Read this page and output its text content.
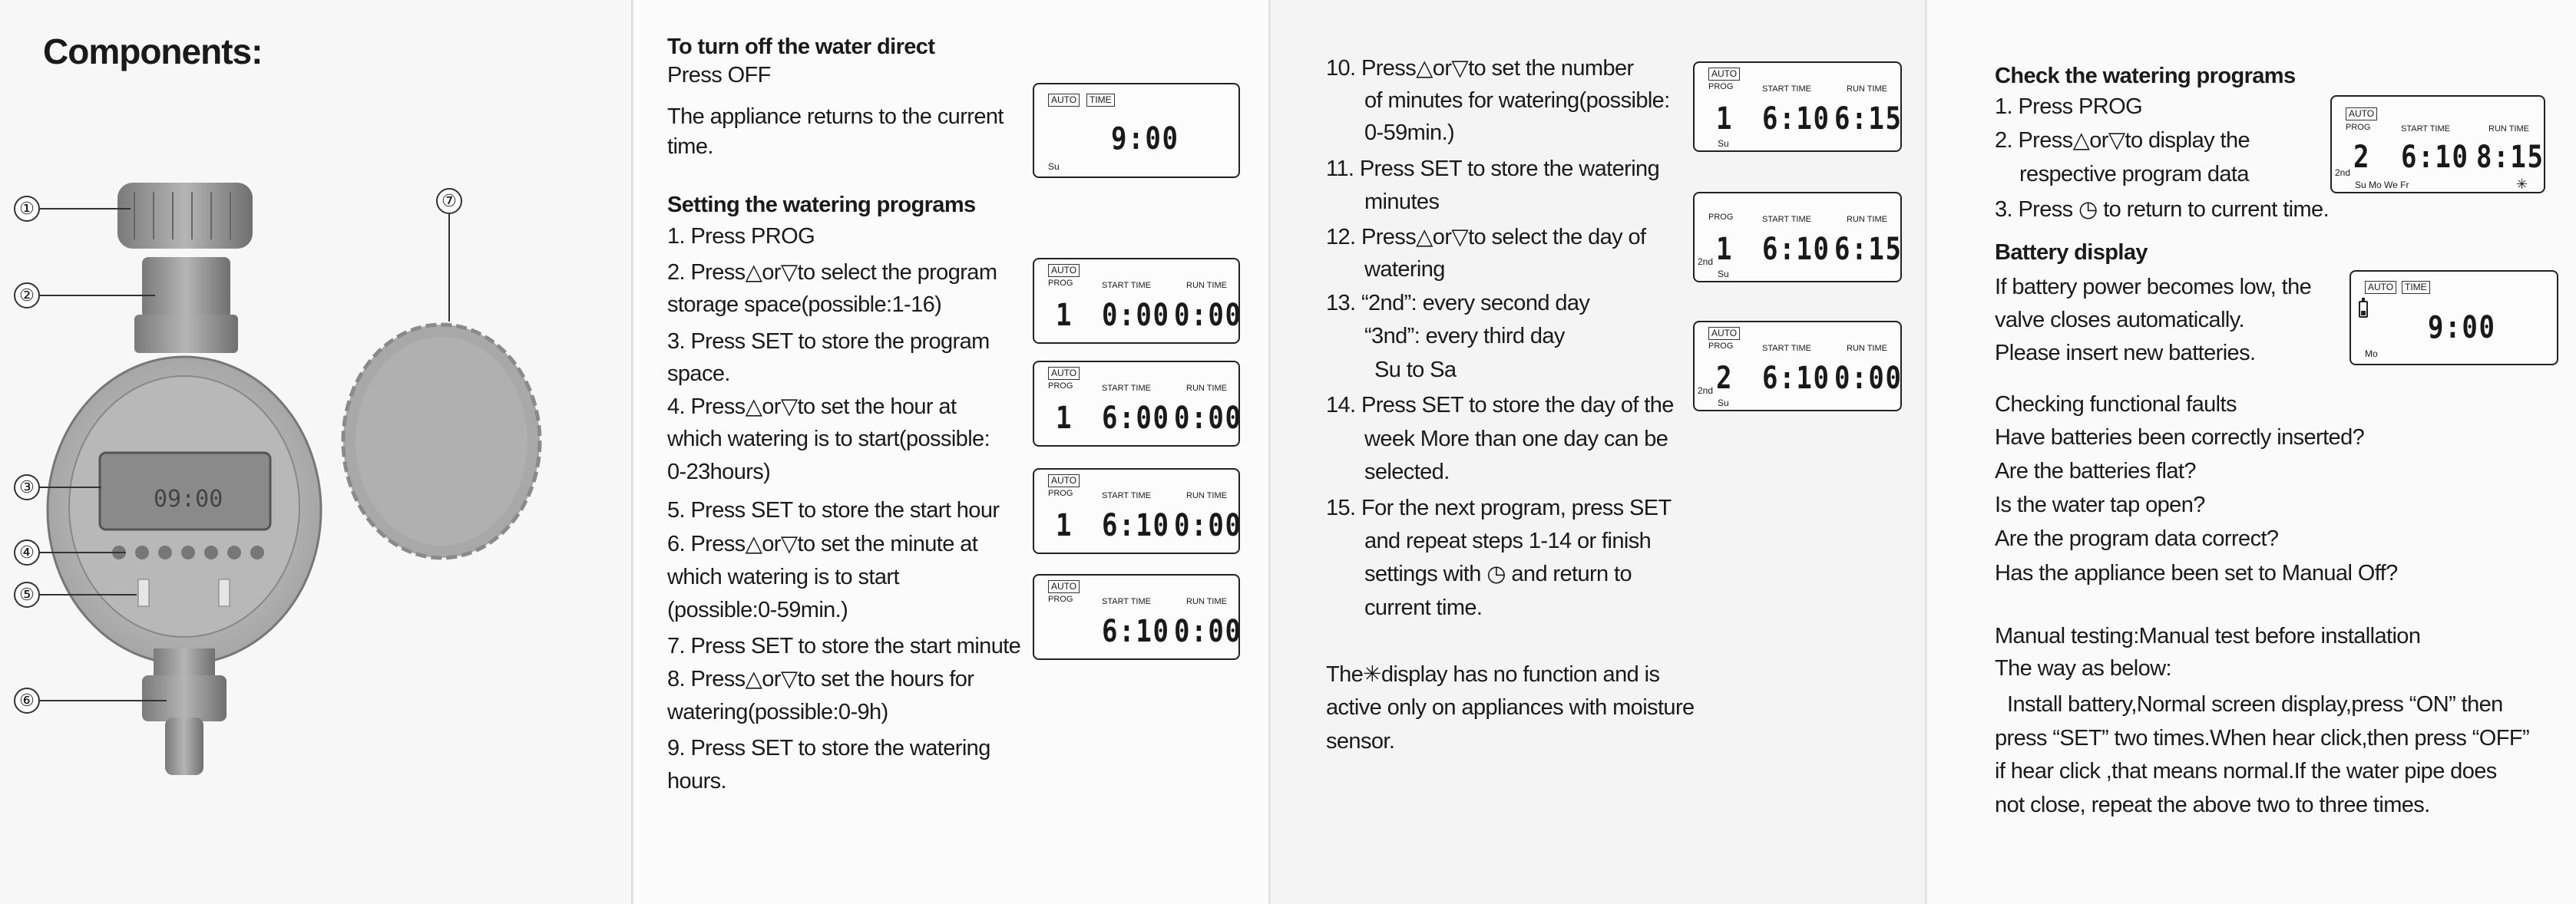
Components:
09:00
①
②
③
④
⑤
⑥
⑦
To turn off the water direct
Press OFF
The appliance returns to the current
time.
Setting the watering programs
1. Press PROG
2. Press△or▽to select the program
storage space(possible:1-16)
3. Press SET to store the program
space.
4. Press△or▽to set the hour at
which watering is to start(possible:
0-23hours)
5. Press SET to store the start hour
6. Press△or▽to set the minute at
which watering is to start
(possible:0-59min.)
7. Press SET to store the start minute
8. Press△or▽to set the hours for
watering(possible:0-9h)
9. Press SET to store the watering
hours.
AUTO	TIME
9:00
Su
AUTO
PROG	START TIME	RUN TIME
1 0:00 0:00
AUTO
PROG	START TIME	RUN TIME
1 6:00 0:00
AUTO
PROG	START TIME	RUN TIME
1 6:10 0:00
AUTO
PROG	START TIME	RUN TIME
6:10 0:00
10. Press△or▽to set the number
of minutes for watering(possible:
0-59min.)
11. Press SET to store the watering
minutes
12. Press△or▽to select the day of
watering
13. “2nd”: every second day
“3nd”: every third day
Su to Sa
14. Press SET to store the day of the
week More than one day can be
selected.
15. For the next program, press SET
and repeat steps 1-14 or finish
settings with ◷ and return to
current time.
The✳display has no function and is
active only on appliances with moisture
sensor.
AUTO
PROG	START TIME	RUN TIME
1 6:10 6:15
Su
PROG	START TIME	RUN TIME
1 6:10 6:15
2nd
Su
AUTO
PROG	START TIME	RUN TIME
2 6:10 0:00
2nd
Su
Check the watering programs
1. Press PROG
2. Press△or▽to display the
respective program data
3. Press ◷ to return to current time.
Battery display
If battery power becomes low, the
valve closes automatically.
Please insert new batteries.
Checking functional faults
Have batteries been correctly inserted?
Are the batteries flat?
Is the water tap open?
Are the program data correct?
Has the appliance been set to Manual Off?
Manual testing:Manual test before installation
The way as below:
Install battery,Normal screen display,press “ON” then
press “SET” two times.When hear click,then press “OFF”
if hear click ,that means normal.If the water pipe does
not close, repeat the above two to three times.
AUTO
PROG	START TIME	RUN TIME
2 6:10 8:15
2nd
Su Mo We Fr	✳
AUTO	TIME
9:00
Mo
